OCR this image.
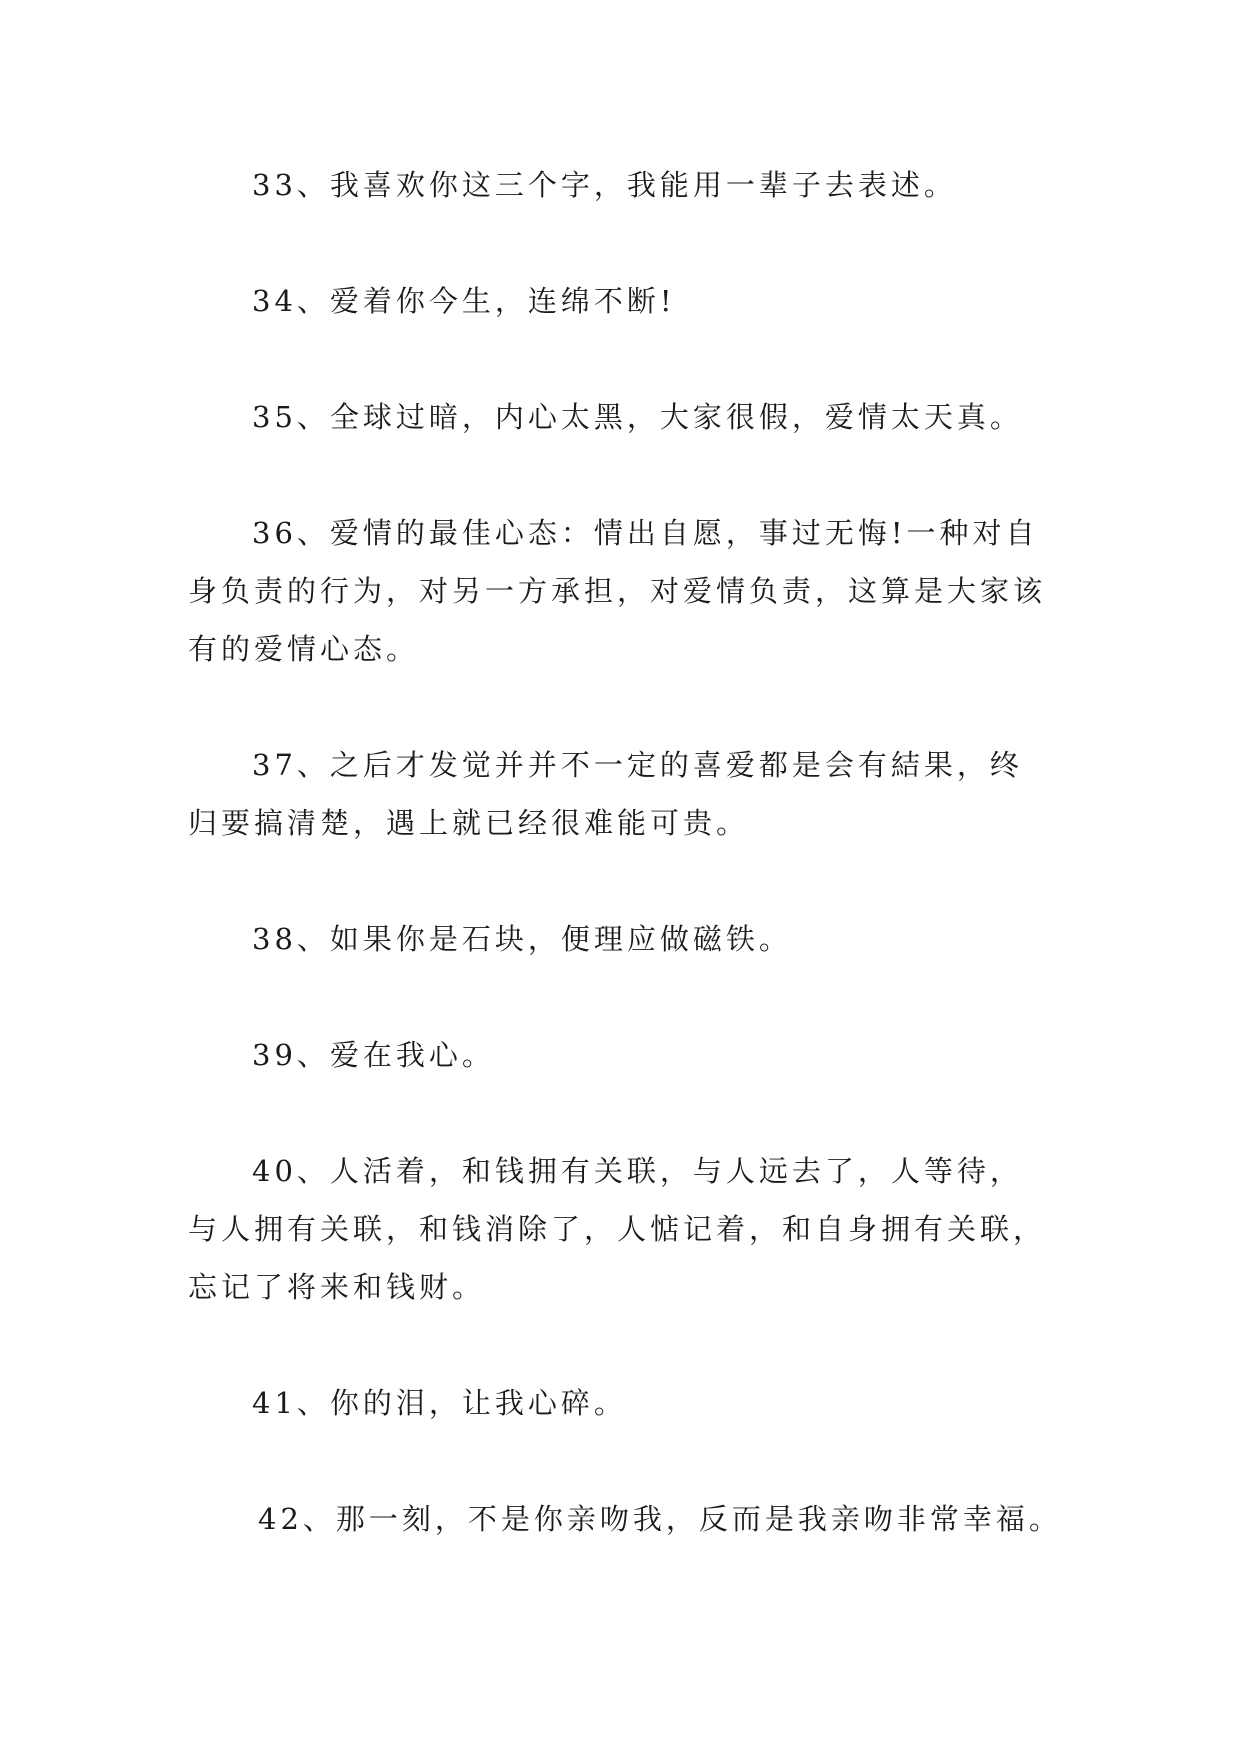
33、我喜欢你这三个字，我能用一辈子去表述。

34、爱着你今生，连绵不断!

35、全球过暗，内心太黑，大家很假，爱情太天真。

36、爱情的最佳心态：情出自愿，事过无悔!一种对自身负责的行为，对另一方承担，对爱情负责，这算是大家该有的爱情心态。

37、之后才发觉并并不一定的喜爱都是会有結果，终归要搞清楚，遇上就已经很难能可贵。

38、如果你是石块，便理应做磁铁。

39、爱在我心。

40、人活着，和钱拥有关联，与人远去了，人等待，与人拥有关联，和钱消除了，人惦记着，和自身拥有关联，忘记了将来和钱财。

41、你的泪，让我心碎。

42、那一刻，不是你亲吻我，反而是我亲吻非常幸福。
